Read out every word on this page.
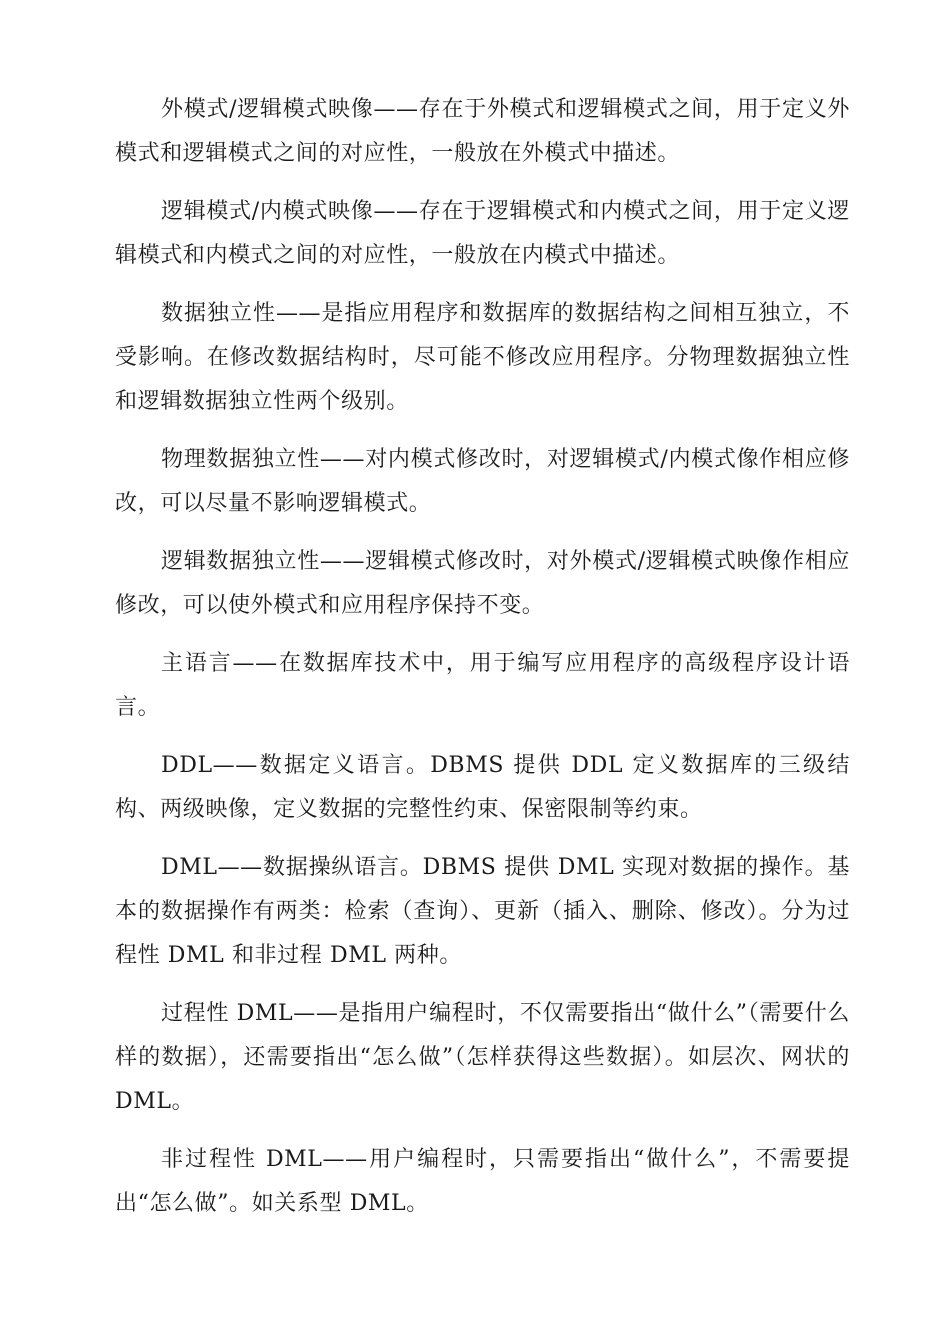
外模式/逻辑模式映像——存在于外模式和逻辑模式之间，用于定义外模式和逻辑模式之间的对应性，一般放在外模式中描述。

逻辑模式/内模式映像——存在于逻辑模式和内模式之间，用于定义逻辑模式和内模式之间的对应性，一般放在内模式中描述。

数据独立性——是指应用程序和数据库的数据结构之间相互独立，不受影响。在修改数据结构时，尽可能不修改应用程序。分物理数据独立性和逻辑数据独立性两个级别。

物理数据独立性——对内模式修改时，对逻辑模式/内模式像作相应修改，可以尽量不影响逻辑模式。

逻辑数据独立性——逻辑模式修改时，对外模式/逻辑模式映像作相应修改，可以使外模式和应用程序保持不变。

主语言——在数据库技术中，用于编写应用程序的高级程序设计语言。

DDL——数据定义语言。DBMS 提供 DDL 定义数据库的三级结构、两级映像，定义数据的完整性约束、保密限制等约束。

DML——数据操纵语言。DBMS 提供 DML 实现对数据的操作。基本的数据操作有两类：检索（查询）、更新（插入、删除、修改）。分为过程性 DML 和非过程 DML 两种。

过程性 DML——是指用户编程时，不仅需要指出“做什么”（需要什么样的数据），还需要指出“怎么做”（怎样获得这些数据）。如层次、网状的 DML。

非过程性 DML——用户编程时，只需要指出“做什么”，不需要提出“怎么做”。如关系型 DML。
